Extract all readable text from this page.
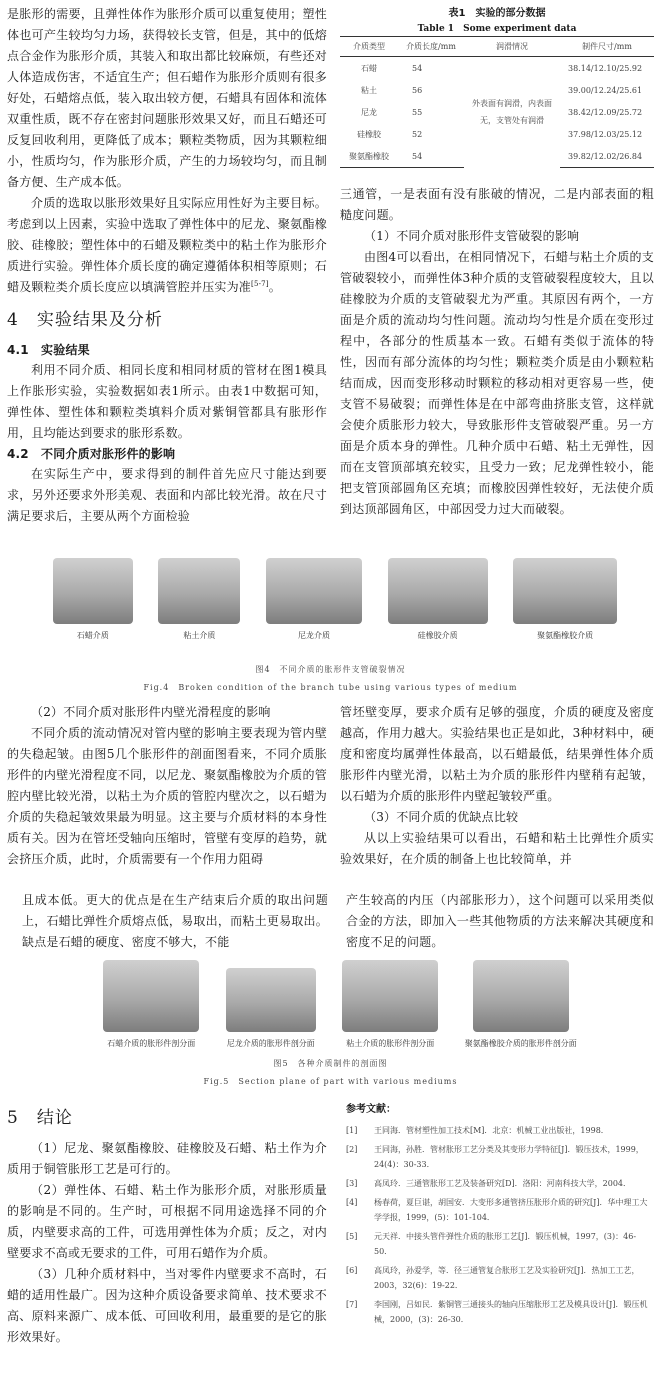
是胀形的需要，且弹性体作为胀形介质可以重复使用；塑性体也可产生较均匀力场，获得较长支管，但是，其中的低熔点合金作为胀形介质，其装入和取出都比较麻烦，有些还对人体造成伤害，不适宜生产；但石蜡作为胀形介质则有很多好处，石蜡熔点低，装入取出较方便，石蜡具有固体和流体双重性质，既不存在密封问题胀形效果又好，而且石蜡还可反复回收利用，更降低了成本；颗粒类物质，因为其颗粒细小，性质均匀，作为胀形介质，产生的力场较均匀，而且制备方便、生产成本低。

介质的选取以胀形效果好且实际应用性好为主要目标。考虑到以上因素，实验中选取了弹性体中的尼龙、聚氨酯橡胶、硅橡胶；塑性体中的石蜡及颗粒类中的粘土作为胀形介质进行实验。弹性体介质长度的确定遵循体积相等原则；石蜡及颗粒类介质长度应以填满管腔并压实为准[5-7]。

4　实验结果及分析
4.1　实验结果

利用不同介质、相同长度和相同材质的管材在图1模具上作胀形实验，实验数据如表1所示。由表1中数据可知，弹性体、塑性体和颗粒类填料介质对紫铜管都具有胀形作用，且均能达到要求的胀形系数。

4.2　不同介质对胀形件的影响

在实际生产中，要求得到的制件首先应尺寸能达到要求，另外还要求外形美观、表面和内部比较光滑。故在尺寸满足要求后，主要从两个方面检验

表1　实验的部分数据
Table 1　Some experiment data
介质类型	介质长度/mm	润滑情况	制件尺寸/mm
石蜡	54	外表面有润滑，内表面无，支管处有润滑	38.14/12.10/25.92
粘土	56		39.00/12.24/25.61
尼龙	55		38.42/12.09/25.72
硅橡胶	52		37.98/12.03/25.12
聚氨酯橡胶	54		39.82/12.02/26.84

三通管，一是表面有没有胀破的情况，二是内部表面的粗糙度问题。

（1）不同介质对胀形件支管破裂的影响

由图4可以看出，在相同情况下，石蜡与粘土介质的支管破裂较小，而弹性体3种介质的支管破裂程度较大，且以硅橡胶为介质的支管破裂尤为严重。其原因有两个，一方面是介质的流动均匀性问题。流动均匀性是介质在变形过程中，各部分的性质基本一致。石蜡有类似于流体的特性，因而有部分流体的均匀性；颗粒类介质是由小颗粒粘结而成，因而变形移动时颗粒的移动相对更容易一些，使支管不易破裂；而弹性体是在中部弯曲挤胀支管，这样就会使介质胀形力较大，导致胀形件支管破裂严重。另一方面是介质本身的弹性。几种介质中石蜡、粘土无弹性，因而在支管顶部填充较实，且受力一致；尼龙弹性较小，能把支管顶部圆角区充填；而橡胶因弹性较好，无法使介质到达顶部圆角区，中部因受力过大而破裂。

石蜡介质	粘土介质	尼龙介质	硅橡胶介质	聚氨酯橡胶介质
图4　不同介质的胀形件支管破裂情况
Fig.4　Broken condition of the branch tube using various types of medium

（2）不同介质对胀形件内壁光滑程度的影响

不同介质的流动情况对管内壁的影响主要表现为管内壁的失稳起皱。由图5几个胀形件的剖面图看来，不同介质胀形件的内壁光滑程度不同，以尼龙、聚氨酯橡胶为介质的管腔内壁比较光滑，以粘土为介质的管腔内壁次之，以石蜡为介质的失稳起皱效果最为明显。这主要与介质材料的本身性质有关。因为在管坯受轴向压缩时，管壁有变厚的趋势，就会挤压介质，此时，介质需要有一个作用力阻碍

管坯壁变厚，要求介质有足够的强度，介质的硬度及密度越高，作用力越大。实验结果也正是如此，3种材料中，硬度和密度均属弹性体最高，以石蜡最低，结果弹性体介质胀形件内壁光滑，以粘土为介质的胀形件内壁稍有起皱，以石蜡为介质的胀形件内壁起皱较严重。

（3）不同介质的优缺点比较

从以上实验结果可以看出，石蜡和粘土比弹性介质实验效果好，在介质的制备上也比较简单，并

且成本低。更大的优点是在生产结束后介质的取出问题上，石蜡比弹性介质熔点低，易取出，而粘土更易取出。缺点是石蜡的硬度、密度不够大，不能

产生较高的内压（内部胀形力），这个问题可以采用类似合金的方法，即加入一些其他物质的方法来解决其硬度和密度不足的问题。

石蜡介质的胀形件剖分面	尼龙介质的胀形件剖分面	粘土介质的胀形件剖分面	聚氨酯橡胶介质的胀形件剖分面
图5　各种介质制件的剖面图
Fig.5　Section plane of part with various mediums
5　结论

（1）尼龙、聚氨酯橡胶、硅橡胶及石蜡、粘土作为介质用于铜管胀形工艺是可行的。

（2）弹性体、石蜡、粘土作为胀形介质，对胀形质量的影响是不同的。生产时，可根据不同用途选择不同的介质，内壁要求高的工件，可选用弹性体为介质；反之，对内壁要求不高或无要求的工件，可用石蜡作为介质。

（3）几种介质材料中，当对零件内壁要求不高时，石蜡的适用性最广。因为这种介质设备要求简单、技术要求不高、原料来源广、成本低、可回收利用，最重要的是它的胀形效果好。

参考文献：
[1]	王同海．管材塑性加工技术[M]．北京：机械工业出版社，1998．
[2]	王同海，孙胜．管材胀形工艺分类及其变形力学特征[J]．锻压技术，1999，24(4)：30-33．
[3]	高凤玲．三通管胀形工艺及装备研究[D]．洛阳：河南科技大学，2004．
[4]	杨春荷，夏巨谌，胡国安．大变形多通管挤压胀形介质的研究[J]．华中理工大学学报，1999，(5)：101-104．
[5]	元天祥．中接头管件弹性介质的胀形工艺[J]．锻压机械，1997，(3)：46-50．
[6]	高凤玲，孙爱学，等．径三通管复合胀形工艺及实验研究[J]．热加工工艺，2003，32(6)：19-22．
[7]	李国刚，吕如民．紫铜管三通接头的轴向压缩胀形工艺及模具设计[J]．锻压机械，2000，(3)：26-30．
